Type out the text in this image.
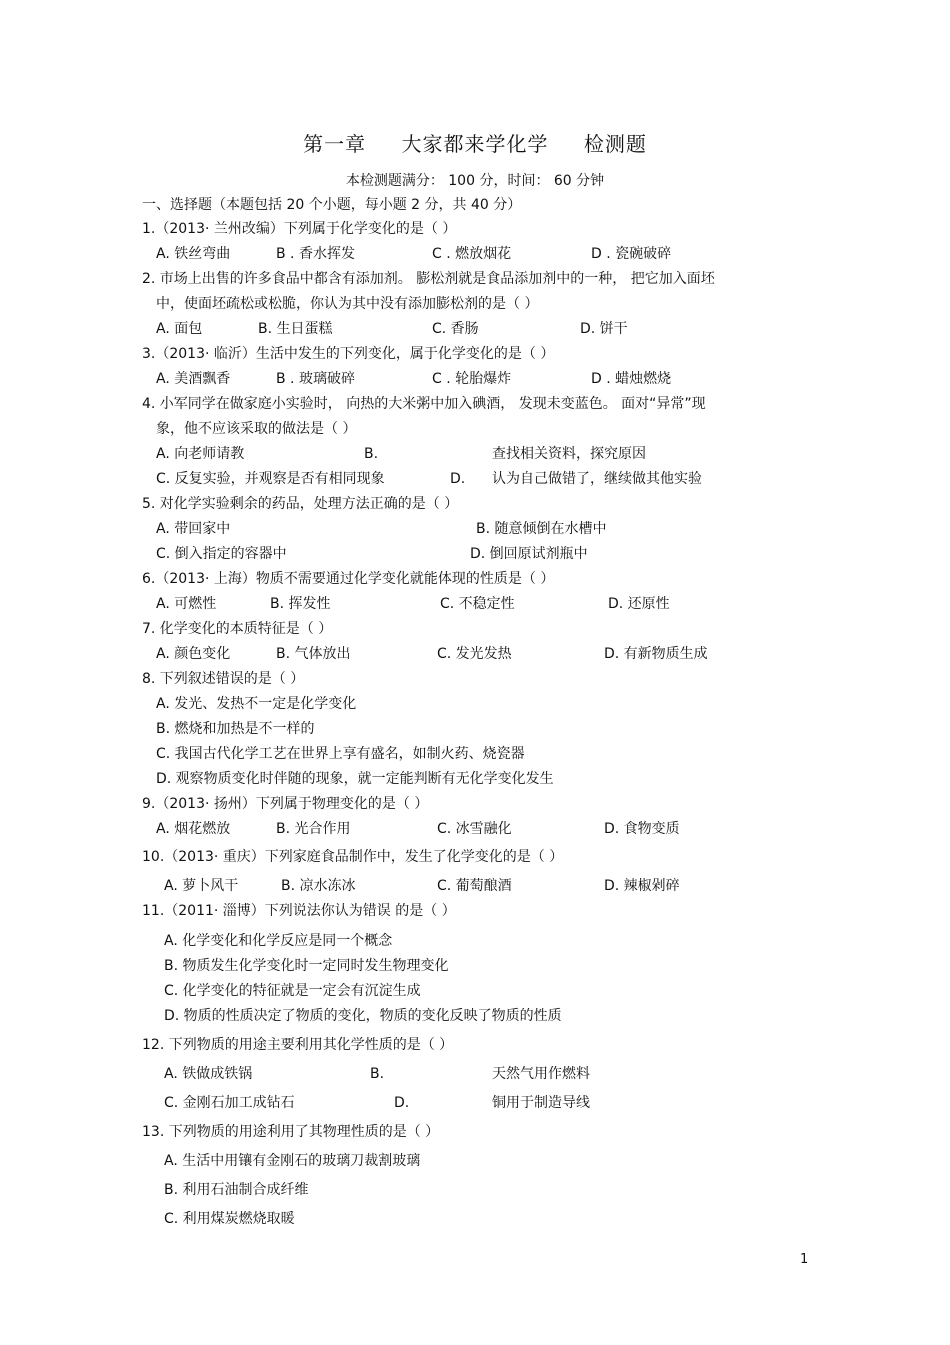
第一章 大家都来学化学 检测题
本检测题满分： 100 分，时间： 60 分钟
一、选择题（本题包括 20 个小题，每小题 2 分，共 40 分）
1.（2013· 兰州改编）下列属于化学变化的是（ ）
A. 铁丝弯曲	B . 香水挥发	C . 燃放烟花	D . 瓷碗破碎
2. 市场上出售的许多食品中都含有添加剂。 膨松剂就是食品添加剂中的一种， 把它加入面坯
中，使面坯疏松或松脆，你认为其中没有添加膨松剂的是（ ）
A. 面包	B. 生日蛋糕	C. 香肠	D. 饼干
3.（2013· 临沂）生活中发生的下列变化，属于化学变化的是（ ）
A. 美酒飘香	B . 玻璃破碎	C . 轮胎爆炸	D . 蜡烛燃烧
4. 小军同学在做家庭小实验时， 向热的大米粥中加入碘酒， 发现未变蓝色。 面对“异常”现
象，他不应该采取的做法是（ ）
A. 向老师请教	B.	查找相关资料，探究原因
C. 反复实验，并观察是否有相同现象	D. 认为自己做错了，继续做其他实验
5. 对化学实验剩余的药品，处理方法正确的是（ ）
A. 带回家中	B. 随意倾倒在水槽中
C. 倒入指定的容器中	D. 倒回原试剂瓶中
6.（2013· 上海）物质不需要通过化学变化就能体现的性质是（ ）
A. 可燃性	B. 挥发性	C. 不稳定性	D. 还原性
7. 化学变化的本质特征是（ ）
A. 颜色变化	B. 气体放出	C. 发光发热	D. 有新物质生成
8. 下列叙述错误的是（ ）
A. 发光、发热不一定是化学变化
B. 燃烧和加热是不一样的
C. 我国古代化学工艺在世界上享有盛名，如制火药、烧瓷器
D. 观察物质变化时伴随的现象，就一定能判断有无化学变化发生
9.（2013· 扬州）下列属于物理变化的是（ ）
A. 烟花燃放	B. 光合作用	C. 冰雪融化	D. 食物变质
10.（2013· 重庆）下列家庭食品制作中，发生了化学变化的是（ ）
A. 萝卜风干	B. 凉水冻冰	C. 葡萄酿酒	D. 辣椒剁碎
11.（2011· 淄博）下列说法你认为错误 的是（ ）
A. 化学变化和化学反应是同一个概念
B. 物质发生化学变化时一定同时发生物理变化
C. 化学变化的特征就是一定会有沉淀生成
D. 物质的性质决定了物质的变化，物质的变化反映了物质的性质
12. 下列物质的用途主要利用其化学性质的是（ ）
A. 铁做成铁锅	B.	天然气用作燃料
C. 金刚石加工成钻石	D.	铜用于制造导线
13. 下列物质的用途利用了其物理性质的是（ ）
A. 生活中用镶有金刚石的玻璃刀裁割玻璃
B. 利用石油制合成纤维
C. 利用煤炭燃烧取暖
1
